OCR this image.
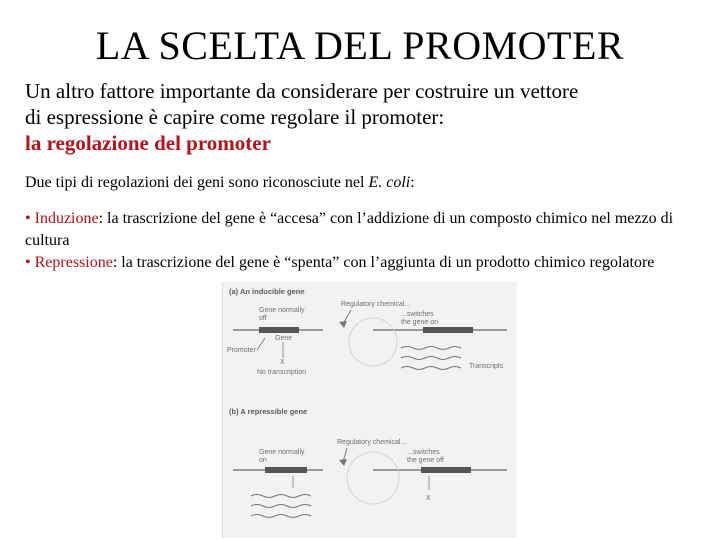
LA SCELTA DEL PROMOTER
Un altro fattore importante da considerare per costruire un vettore
di espressione è capire come regolare il promoter:
la regolazione del promoter
Due tipi di regolazioni dei geni sono riconosciute nel E. coli:

• Induzione: la trascrizione del gene è “accesa” con l’addizione di un composto chimico nel mezzo di cultura

• Repressione: la trascrizione del gene è “spenta” con l’aggiunta di un prodotto chimico regolatore

(a) An inducible gene
Gene normally
off
Regulatory chemical...
...switches
the gene on
Gene
Promoter
X
No transcription
Transcripts
(b) A repressible gene
Regulatory chemical...
Gene normally
on
...switches
the gene off
X
